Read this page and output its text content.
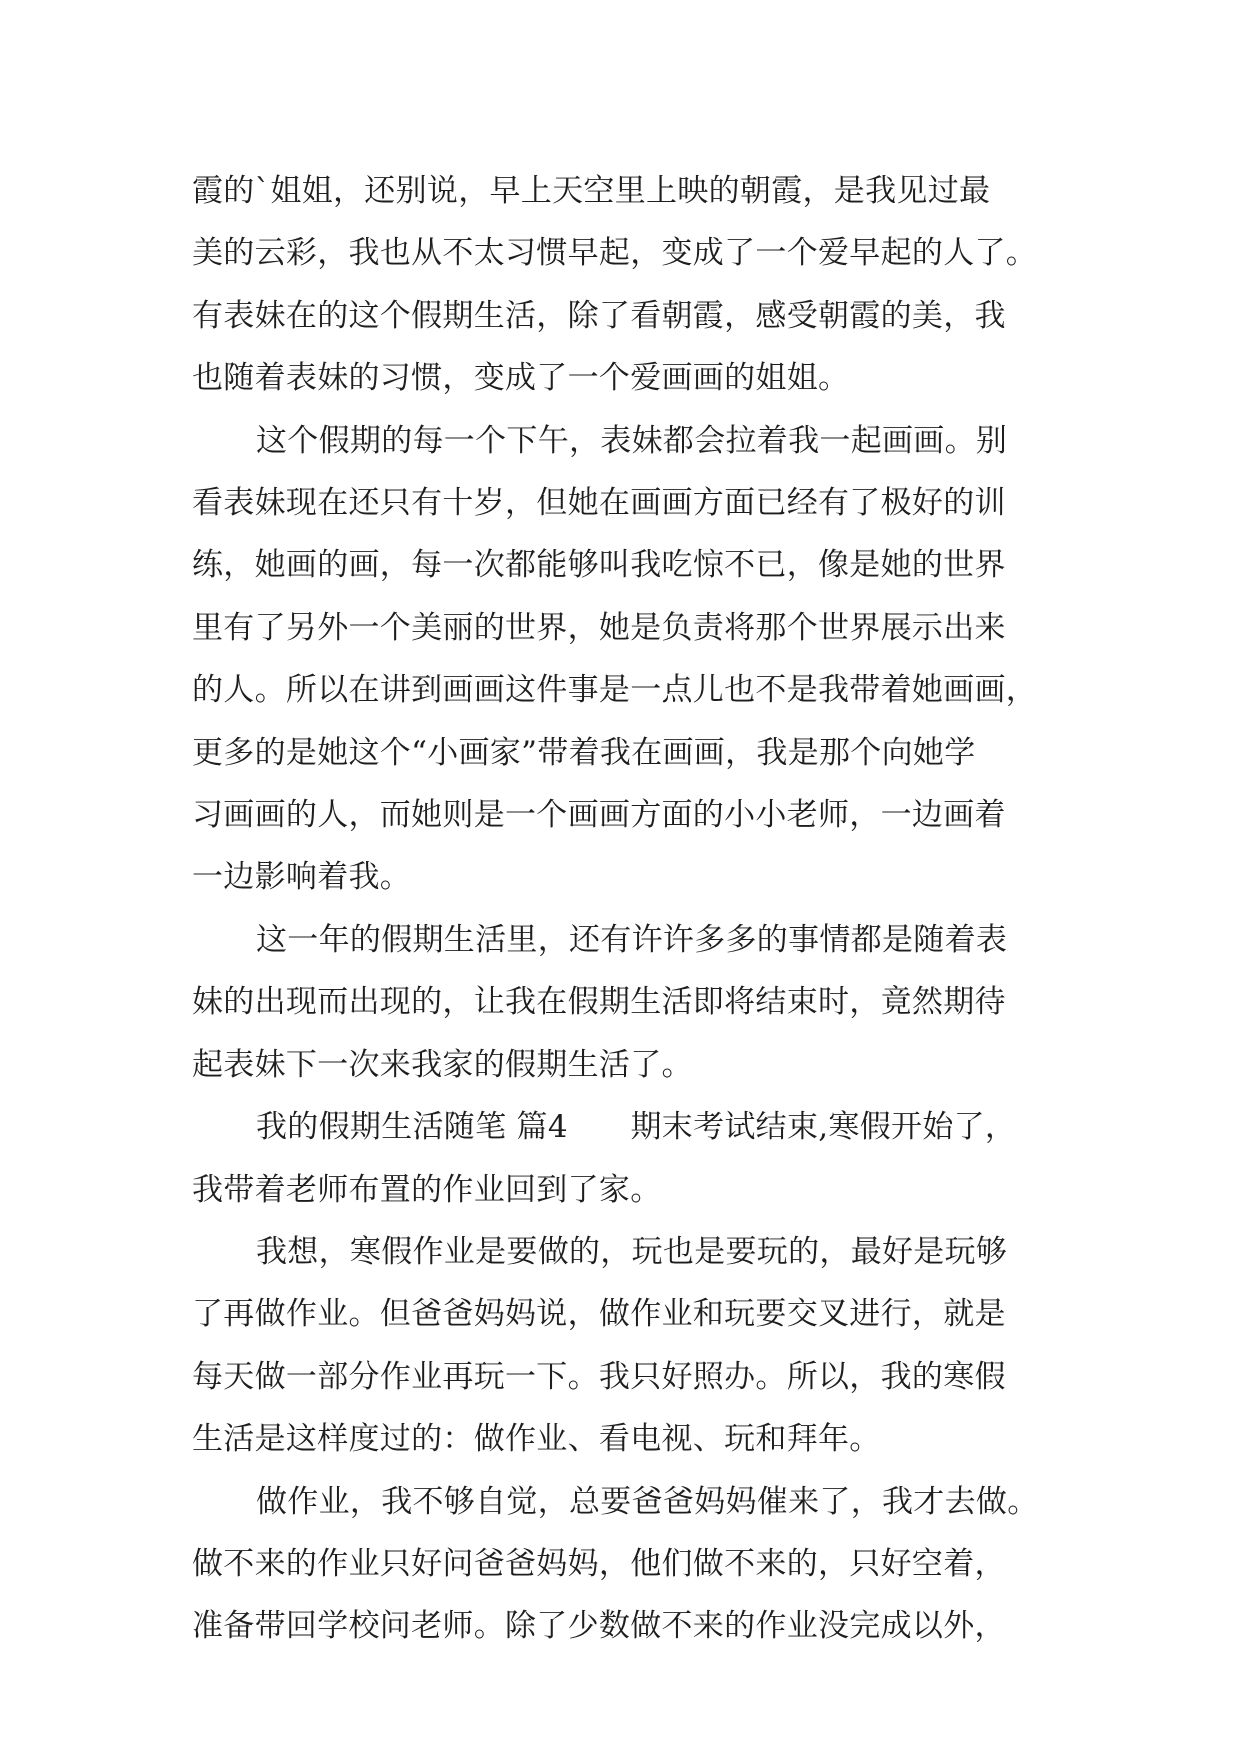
霞的`姐姐，还别说，早上天空里上映的朝霞，是我见过最
美的云彩，我也从不太习惯早起，变成了一个爱早起的人了。
有表妹在的这个假期生活，除了看朝霞，感受朝霞的美，我
也随着表妹的习惯，变成了一个爱画画的姐姐。

这个假期的每一个下午，表妹都会拉着我一起画画。别
看表妹现在还只有十岁，但她在画画方面已经有了极好的训
练，她画的画，每一次都能够叫我吃惊不已，像是她的世界
里有了另外一个美丽的世界，她是负责将那个世界展示出来
的人。所以在讲到画画这件事是一点儿也不是我带着她画画，
更多的是她这个“小画家”带着我在画画，我是那个向她学
习画画的人，而她则是一个画画方面的小小老师，一边画着
一边影响着我。

这一年的假期生活里，还有许许多多的事情都是随着表
妹的出现而出现的，让我在假期生活即将结束时，竟然期待
起表妹下一次来我家的假期生活了。

我的假期生活随笔 篇4　　期末考试结束,寒假开始了，
我带着老师布置的作业回到了家。

我想，寒假作业是要做的，玩也是要玩的，最好是玩够
了再做作业。但爸爸妈妈说，做作业和玩要交叉进行，就是
每天做一部分作业再玩一下。我只好照办。所以，我的寒假
生活是这样度过的：做作业、看电视、玩和拜年。

做作业，我不够自觉，总要爸爸妈妈催来了，我才去做。
做不来的作业只好问爸爸妈妈，他们做不来的，只好空着，
准备带回学校问老师。除了少数做不来的作业没完成以外，
